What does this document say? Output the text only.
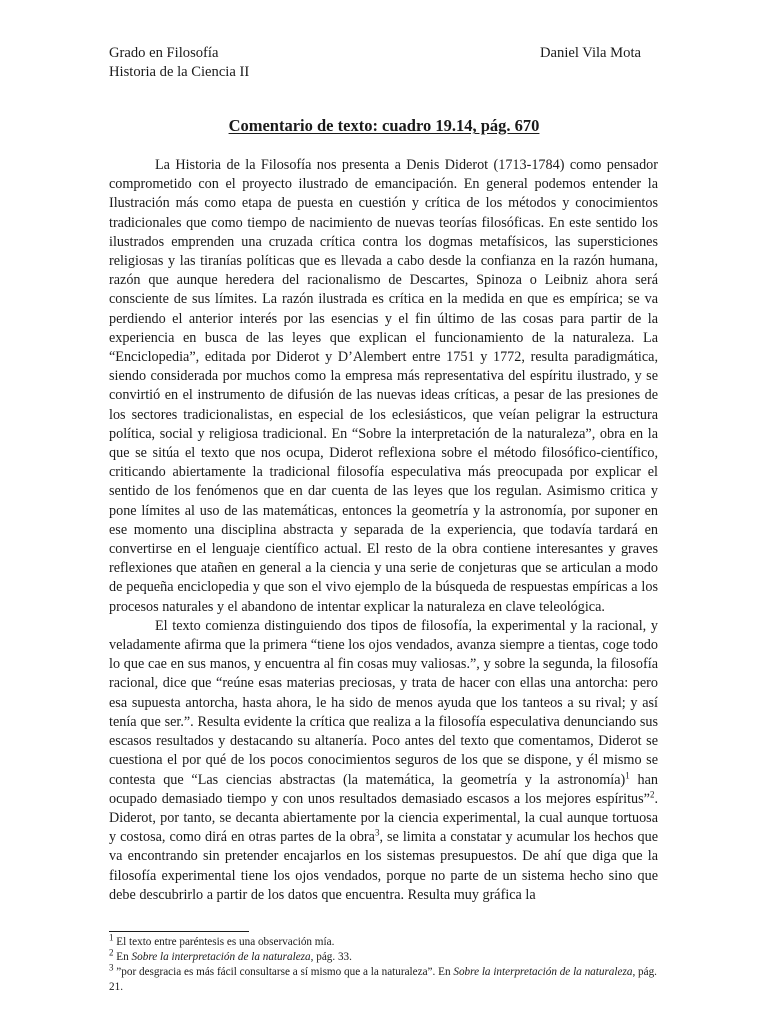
Grado en Filosofía
Historia de la Ciencia II
Daniel Vila Mota
Comentario de texto: cuadro 19.14, pág. 670

La Historia de la Filosofía nos presenta a Denis Diderot (1713-1784) como pensador comprometido con el proyecto ilustrado de emancipación. En general podemos entender la Ilustración más como etapa de puesta en cuestión y crítica de los métodos y conocimientos tradicionales que como tiempo de nacimiento de nuevas teorías filosóficas. En este sentido los ilustrados emprenden una cruzada crítica contra los dogmas metafísicos, las supersticiones religiosas y las tiranías políticas que es llevada a cabo desde la confianza en la razón humana, razón que aunque heredera del racionalismo de Descartes, Spinoza o Leibniz ahora será consciente de sus límites. La razón ilustrada es crítica en la medida en que es empírica; se va perdiendo el anterior interés por las esencias y el fin último de las cosas para partir de la experiencia en busca de las leyes que explican el funcionamiento de la naturaleza. La “Enciclopedia”, editada por Diderot y D’Alembert entre 1751 y 1772, resulta paradigmática, siendo considerada por muchos como la empresa más representativa del espíritu ilustrado, y se convirtió en el instrumento de difusión de las nuevas ideas críticas, a pesar de las presiones de los sectores tradicionalistas, en especial de los eclesiásticos, que veían peligrar la estructura política, social y religiosa tradicional. En “Sobre la interpretación de la naturaleza”, obra en la que se sitúa el texto que nos ocupa, Diderot reflexiona sobre el método filosófico-científico, criticando abiertamente la tradicional filosofía especulativa más preocupada por explicar el sentido de los fenómenos que en dar cuenta de las leyes que los regulan. Asimismo critica y pone límites al uso de las matemáticas, entonces la geometría y la astronomía, por suponer en ese momento una disciplina abstracta y separada de la experiencia, que todavía tardará en convertirse en el lenguaje científico actual. El resto de la obra contiene interesantes y graves reflexiones que atañen en general a la ciencia y una serie de conjeturas que se articulan a modo de pequeña enciclopedia y que son el vivo ejemplo de la búsqueda de respuestas empíricas a los procesos naturales y el abandono de intentar explicar la naturaleza en clave teleológica.

El texto comienza distinguiendo dos tipos de filosofía, la experimental y la racional, y veladamente afirma que la primera “tiene los ojos vendados, avanza siempre a tientas, coge todo lo que cae en sus manos, y encuentra al fin cosas muy valiosas.”, y sobre la segunda, la filosofía racional, dice que “reúne esas materias preciosas, y trata de hacer con ellas una antorcha: pero esa supuesta antorcha, hasta ahora, le ha sido de menos ayuda que los tanteos a su rival; y así tenía que ser.”. Resulta evidente la crítica que realiza a la filosofía especulativa denunciando sus escasos resultados y destacando su altanería. Poco antes del texto que comentamos, Diderot se cuestiona el por qué de los pocos conocimientos seguros de los que se dispone, y él mismo se contesta que “Las ciencias abstractas (la matemática, la geometría y la astronomía)$^1$ han ocupado demasiado tiempo y con unos resultados demasiado escasos a los mejores espíritus”$^2$. Diderot, por tanto, se decanta abiertamente por la ciencia experimental, la cual aunque tortuosa y costosa, como dirá en otras partes de la obra$^3$, se limita a constatar y acumular los hechos que va encontrando sin pretender encajarlos en los sistemas presupuestos. De ahí que diga que la filosofía experimental tiene los ojos vendados, porque no parte de un sistema hecho sino que debe descubrirlo a partir de los datos que encuentra. Resulta muy gráfica la

$^1$ El texto entre paréntesis es una observación mía.
$^2$ En Sobre la interpretación de la naturaleza, pág. 33.
$^3$ ”por desgracia es más fácil consultarse a sí mismo que a la naturaleza”. En Sobre la interpretación de la naturaleza, pág. 21.
